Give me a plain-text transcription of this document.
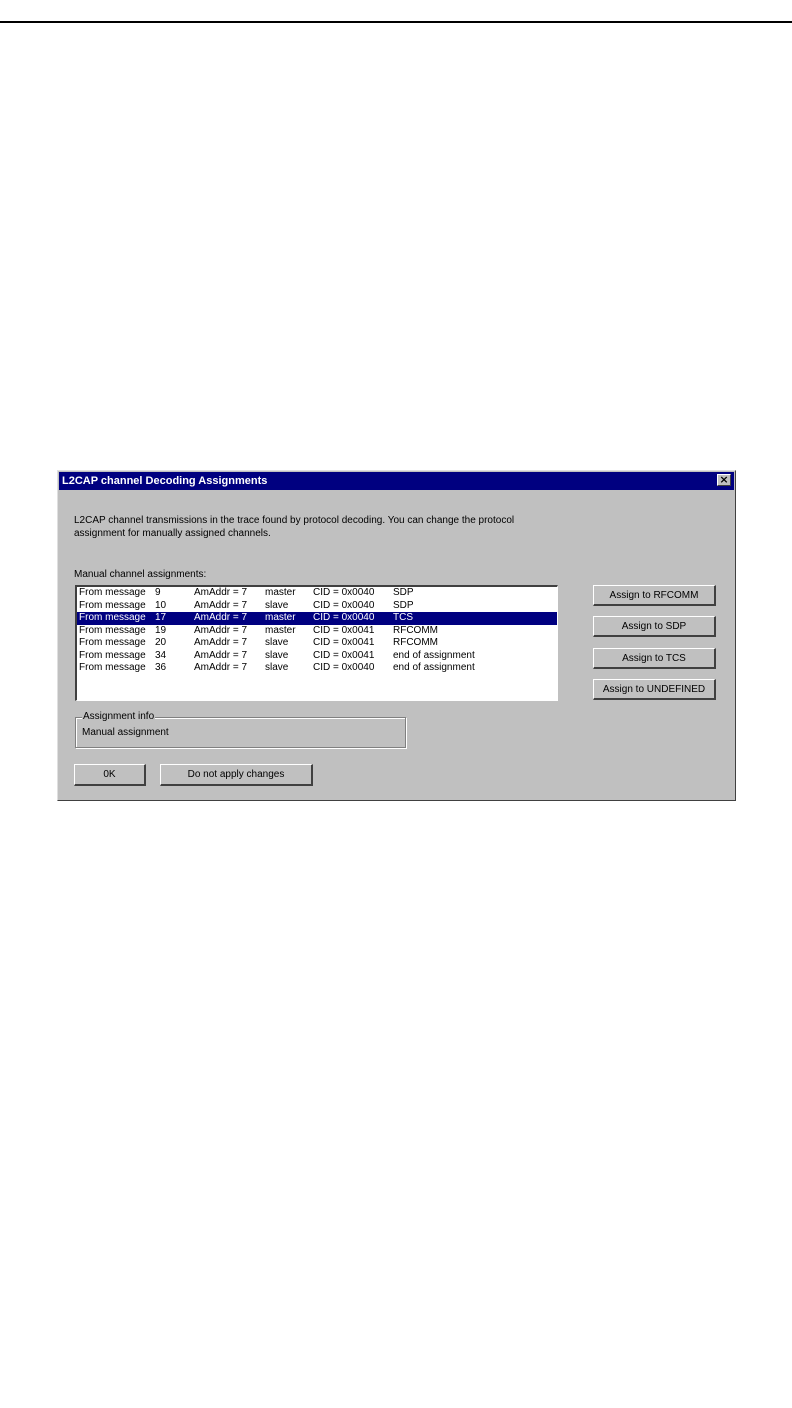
L2CAP channel Decoding Assignments	×
L2CAP channel transmissions in the trace found by protocol decoding. You can change the protocol assignment for manually assigned channels.
Manual channel assignments:
From message 9	AmAddr = 7 master CID = 0x0040 SDP
From message 10	AmAddr = 7 slave CID = 0x0040 SDP
From message 17	AmAddr = 7 master CID = 0x0040 TCS
From message 19	AmAddr = 7 master CID = 0x0041 RFCOMM
From message 20	AmAddr = 7 slave CID = 0x0041 RFCOMM
From message 34	AmAddr = 7 slave CID = 0x0041 end of assignment
From message 36	AmAddr = 7 slave CID = 0x0040 end of assignment
Assign to RFCOMM
Assign to SDP
Assign to TCS
Assign to UNDEFINED
Assignment info
Manual assignment
0K	Do not apply changes
